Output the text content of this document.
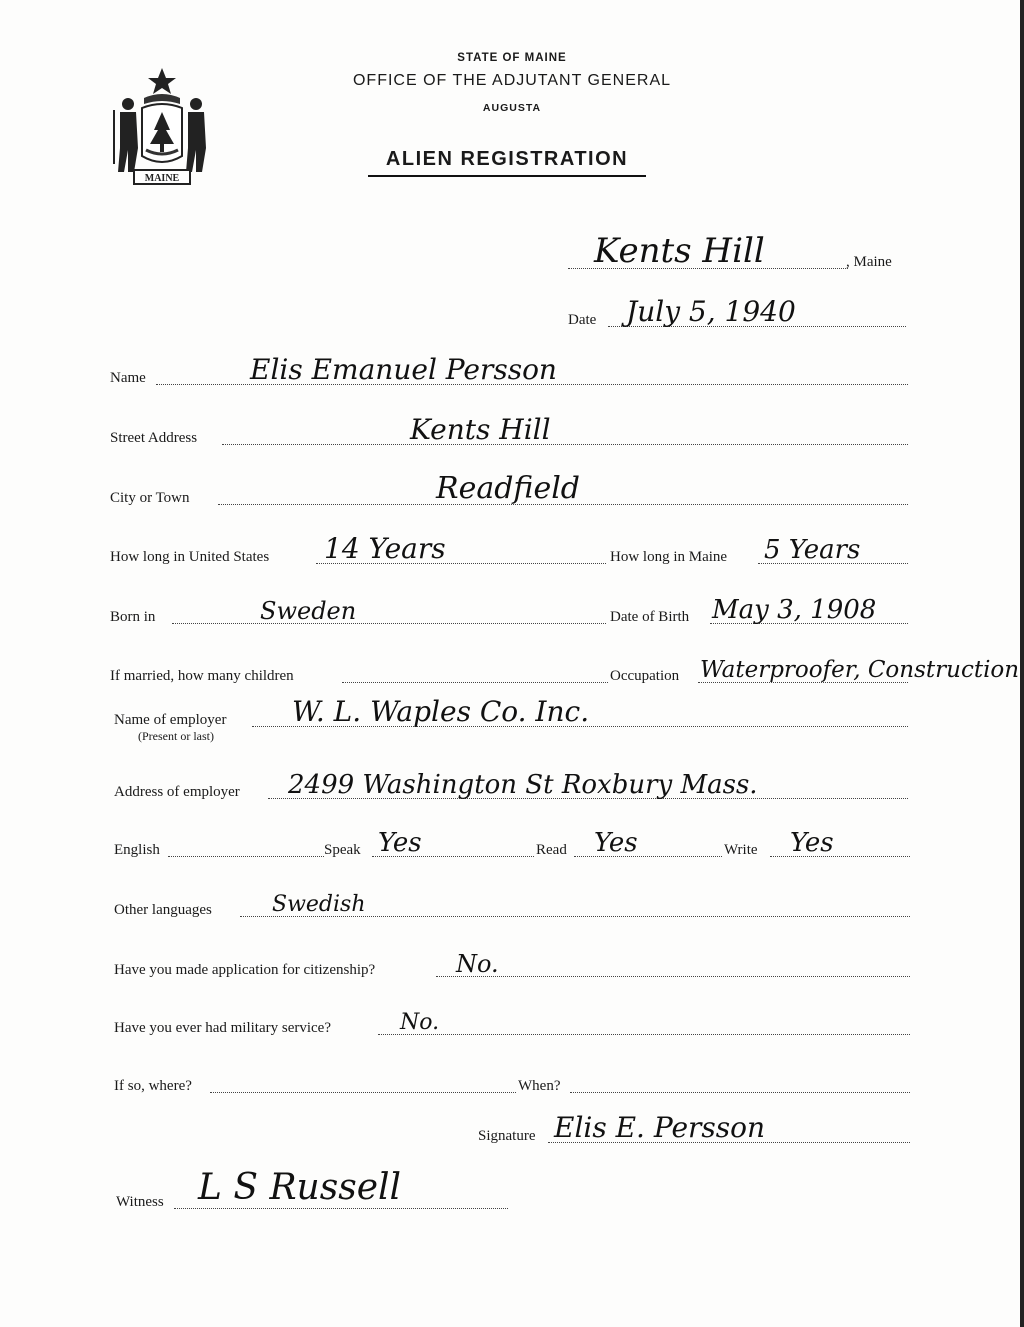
MAINE
STATE OF MAINE
OFFICE OF THE ADJUTANT GENERAL
AUGUSTA
ALIEN REGISTRATION
Kents Hill	, Maine
Date July 5, 1940
Name	Elis Emanuel Persson
Street Address	Kents Hill
City or Town	Readfield
How long in United States 14 Years	How long in Maine 5 Years
Born in	Sweden	Date of Birth May 3, 1908
If married, how many children	Occupation Waterproofer, Construction
Name of employer
(Present or last)
W. L. Waples Co. Inc.
Address of employer 2499 Washington St Roxbury Mass.
English	Speak Yes	Read Yes	Write Yes
Other languages	Swedish
Have you made application for citizenship?	No.
Have you ever had military service?	No.
If so, where?	When?
Signature Elis E. Persson
Witness L S Russell
